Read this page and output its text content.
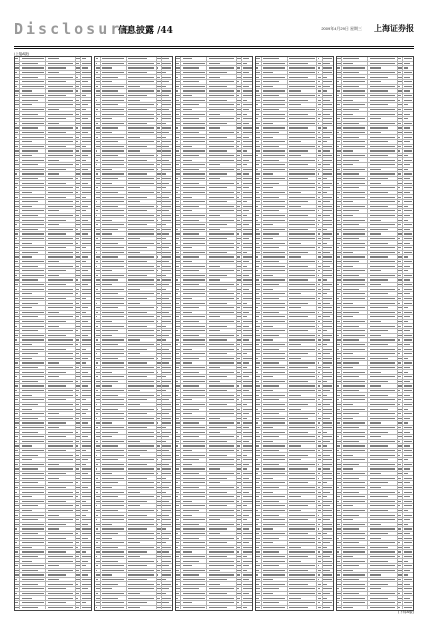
Disclosure
信息披露 /44	2009年4月29日 星期三 上海证券报
(上接A版)
(下转A版)
